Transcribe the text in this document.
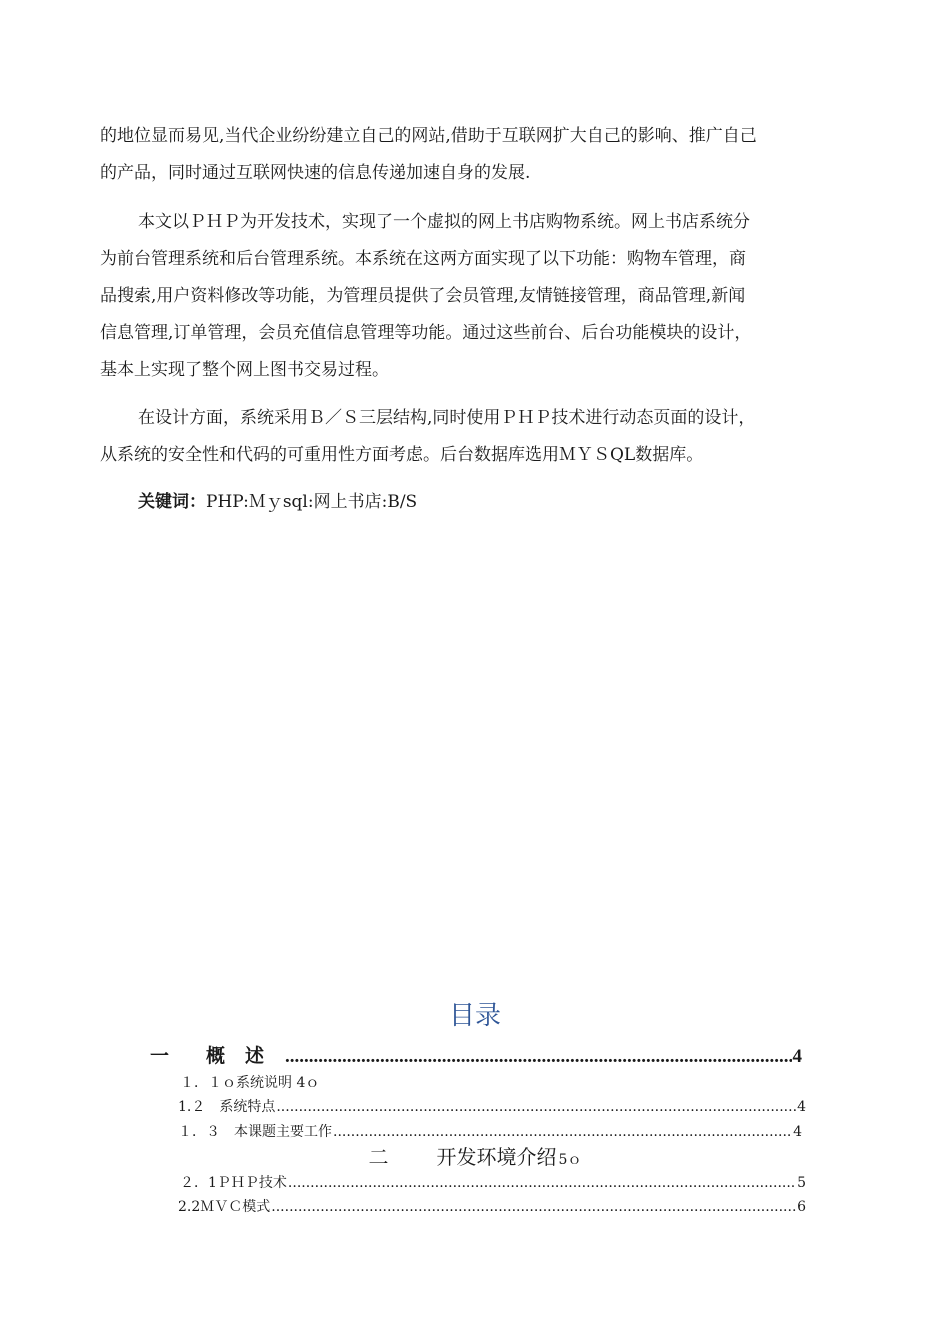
的地位显而易见,当代企业纷纷建立自己的网站,借助于互联网扩大自己的影响、推广自己
的产品，同时通过互联网快速的信息传递加速自身的发展.
本文以ＰＨＰ为开发技术，实现了一个虚拟的网上书店购物系统。网上书店系统分
为前台管理系统和后台管理系统。本系统在这两方面实现了以下功能：购物车管理，商
品搜索,用户资料修改等功能，为管理员提供了会员管理,友情链接管理，商品管理,新闻
信息管理,订单管理，会员充值信息管理等功能。通过这些前台、后台功能模块的设计，
基本上实现了整个网上图书交易过程。
在设计方面，系统采用Ｂ／Ｓ三层结构,同时使用ＰＨＰ技术进行动态页面的设计，
从系统的安全性和代码的可重用性方面考虑。后台数据库选用ＭＹＳQL数据库。
关键词：PHP:Ｍｙsql:网上书店:B/S
目录
一	概述 .....	4
１．１ｏ系统说明 4ｏ
1.２ 系统特点 .....	4
１．３ 本课题主要工作 .....	4
二 开发环境介绍 5ｏ
２．1 ＰＨＰ技术 .....	5
2.2 ＭＶＣ模式 .....	6
